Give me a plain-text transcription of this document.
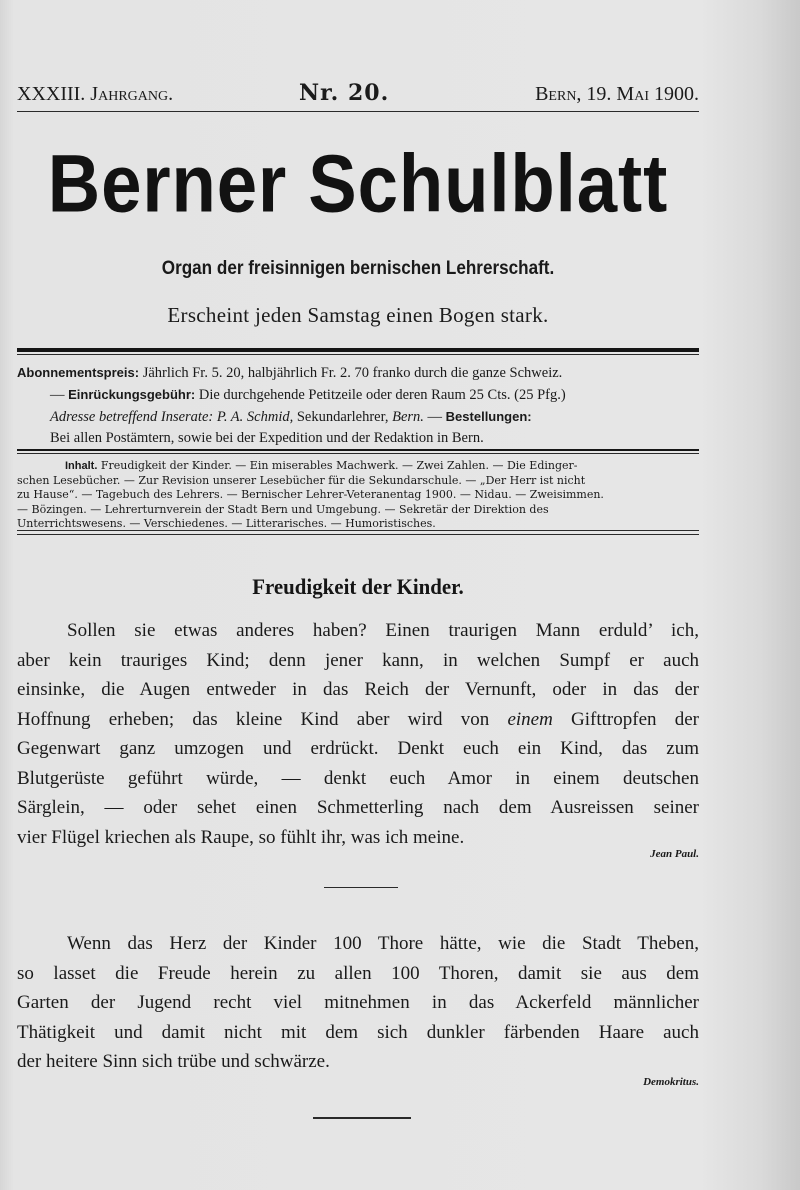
XXXIII. Jahrgang.	Nr. 20.	Bern, 19. Mai 1900.
Berner Schulblatt
Organ der freisinnigen bernischen Lehrerschaft.
Erscheint jeden Samstag einen Bogen stark.
Abonnementspreis: Jährlich Fr. 5. 20, halbjährlich Fr. 2. 70 franko durch die ganze Schweiz.
— Einrückungsgebühr: Die durchgehende Petitzeile oder deren Raum 25 Cts. (25 Pfg.)
Adresse betreffend Inserate: P. A. Schmid, Sekundarlehrer, Bern. — Bestellungen:
Bei allen Postämtern, sowie bei der Expedition und der Redaktion in Bern.
Inhalt. Freudigkeit der Kinder. — Ein miserables Machwerk. — Zwei Zahlen. — Die Edinger-
schen Lesebücher. — Zur Revision unserer Lesebücher für die Sekundarschule. — „Der Herr ist nicht
zu Hause“. — Tagebuch des Lehrers. — Bernischer Lehrer-Veteranentag 1900. — Nidau. — Zweisimmen.
— Bözingen. — Lehrerturnverein der Stadt Bern und Umgebung. — Sekretär der Direktion des
Unterrichtswesens. — Verschiedenes. — Litterarisches. — Humoristisches.
Freudigkeit der Kinder.
Sollen sie etwas anderes haben? Einen traurigen Mann erduld’ ich,
aber kein trauriges Kind; denn jener kann, in welchen Sumpf er auch
einsinke, die Augen entweder in das Reich der Vernunft, oder in das der
Hoffnung erheben; das kleine Kind aber wird von einem Gifttropfen der
Gegenwart ganz umzogen und erdrückt. Denkt euch ein Kind, das zum
Blutgerüste geführt würde, — denkt euch Amor in einem deutschen
Särglein, — oder sehet einen Schmetterling nach dem Ausreissen seiner
vier Flügel kriechen als Raupe, so fühlt ihr, was ich meine.
Jean Paul.
Wenn das Herz der Kinder 100 Thore hätte, wie die Stadt Theben,
so lasset die Freude herein zu allen 100 Thoren, damit sie aus dem
Garten der Jugend recht viel mitnehmen in das Ackerfeld männlicher
Thätigkeit und damit nicht mit dem sich dunkler färbenden Haare auch
der heitere Sinn sich trübe und schwärze.
Demokritus.
